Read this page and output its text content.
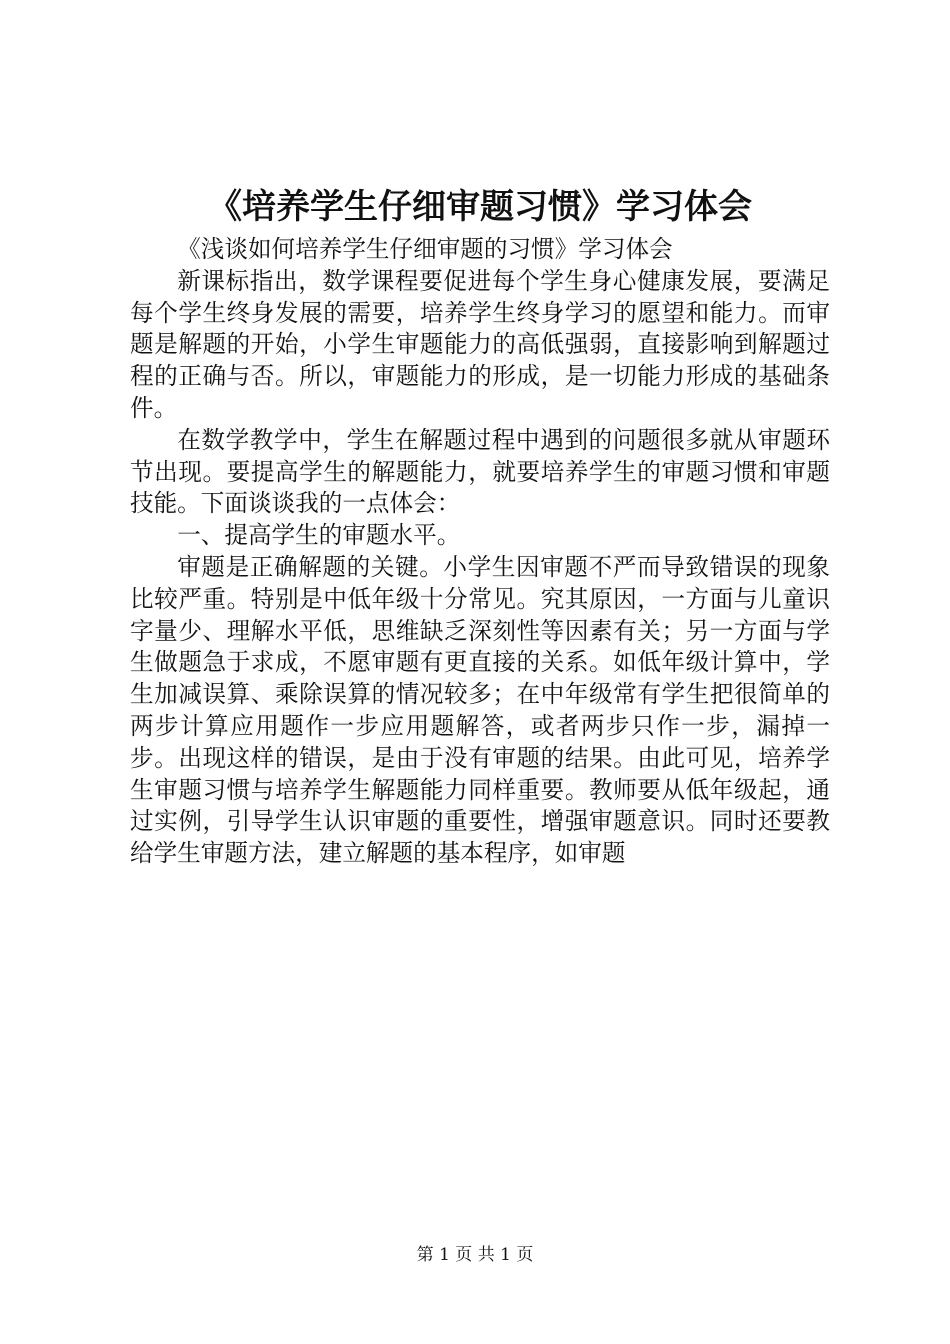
《培养学生仔细审题习惯》学习体会

《浅谈如何培养学生仔细审题的习惯》学习体会

新课标指出，数学课程要促进每个学生身心健康发展，要满足每个学生终身发展的需要，培养学生终身学习的愿望和能力。而审题是解题的开始，小学生审题能力的高低强弱，直接影响到解题过程的正确与否。所以，审题能力的形成，是一切能力形成的基础条件。

在数学教学中，学生在解题过程中遇到的问题很多就从审题环节出现。要提高学生的解题能力，就要培养学生的审题习惯和审题技能。下面谈谈我的一点体会：

一、提高学生的审题水平。

审题是正确解题的关键。小学生因审题不严而导致错误的现象比较严重。特别是中低年级十分常见。究其原因，一方面与儿童识字量少、理解水平低，思维缺乏深刻性等因素有关；另一方面与学生做题急于求成，不愿审题有更直接的关系。如低年级计算中，学生加减误算、乘除误算的情况较多；在中年级常有学生把很简单的两步计算应用题作一步应用题解答，或者两步只作一步，漏掉一步。出现这样的错误，是由于没有审题的结果。由此可见，培养学生审题习惯与培养学生解题能力同样重要。教师要从低年级起，通过实例，引导学生认识审题的重要性，增强审题意识。同时还要教给学生审题方法，建立解题的基本程序，如审题

第 1 页 共 1 页
